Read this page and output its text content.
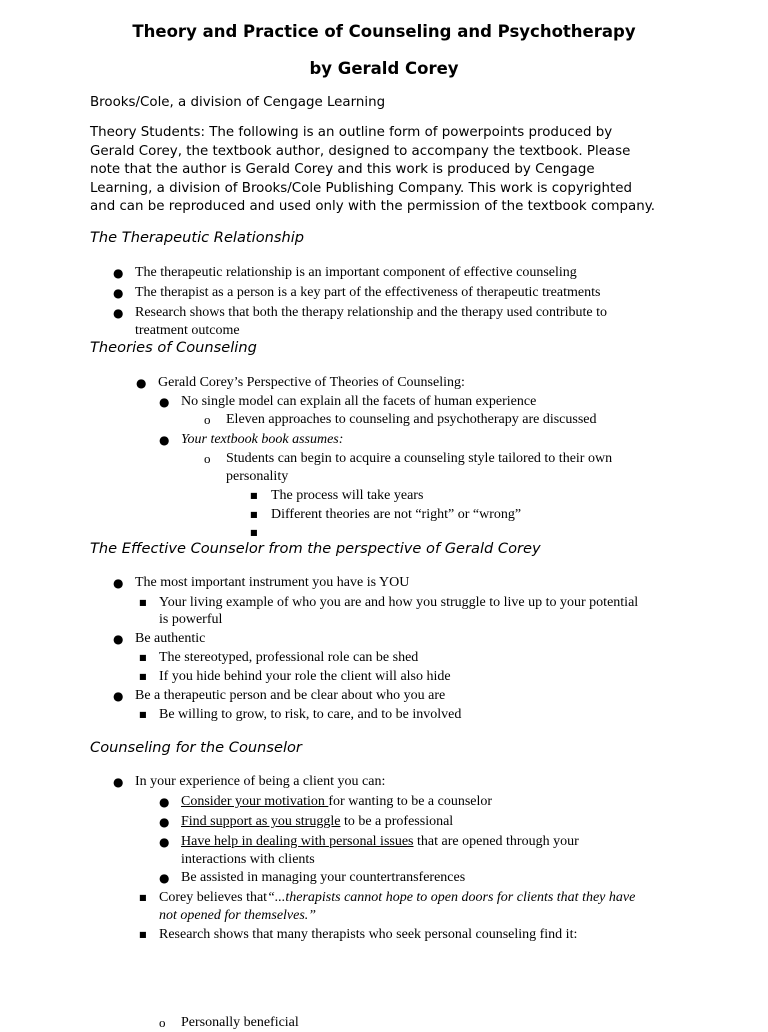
Theory and Practice of Counseling and Psychotherapy
by Gerald Corey
Brooks/Cole, a division of Cengage Learning
Theory Students: The following is an outline form of powerpoints produced by
Gerald Corey, the textbook author, designed to accompany the textbook. Please
note that the author is Gerald Corey and this work is produced by Cengage
Learning, a division of Brooks/Cole Publishing Company. This work is copyrighted
and can be reproduced and used only with the permission of the textbook company.
The Therapeutic Relationship
● The therapeutic relationship is an important component of effective counseling
● The therapist as a person is a key part of the effectiveness of therapeutic treatments
● Research shows that both the therapy relationship and the therapy used contribute to
treatment outcome
Theories of Counseling
● Gerald Corey’s Perspective of Theories of Counseling:
● No single model can explain all the facets of human experience
o Eleven approaches to counseling and psychotherapy are discussed
● Your textbook book assumes:
o Students can begin to acquire a counseling style tailored to their own
personality
■ The process will take years
■ Different theories are not “right” or “wrong”
■
The Effective Counselor from the perspective of Gerald Corey
● The most important instrument you have is YOU
■ Your living example of who you are and how you struggle to live up to your potential
is powerful
● Be authentic
■ The stereotyped, professional role can be shed
■ If you hide behind your role the client will also hide
● Be a therapeutic person and be clear about who you are
■ Be willing to grow, to risk, to care, and to be involved
Counseling for the Counselor
● In your experience of being a client you can:
● Consider your motivation for wanting to be a counselor
● Find support as you struggle to be a professional
● Have help in dealing with personal issues that are opened through your
interactions with clients
● Be assisted in managing your countertransferences
■ Corey believes that“...therapists cannot hope to open doors for clients that they have
not opened for themselves.”
■ Research shows that many therapists who seek personal counseling find it:
o Personally beneficial
